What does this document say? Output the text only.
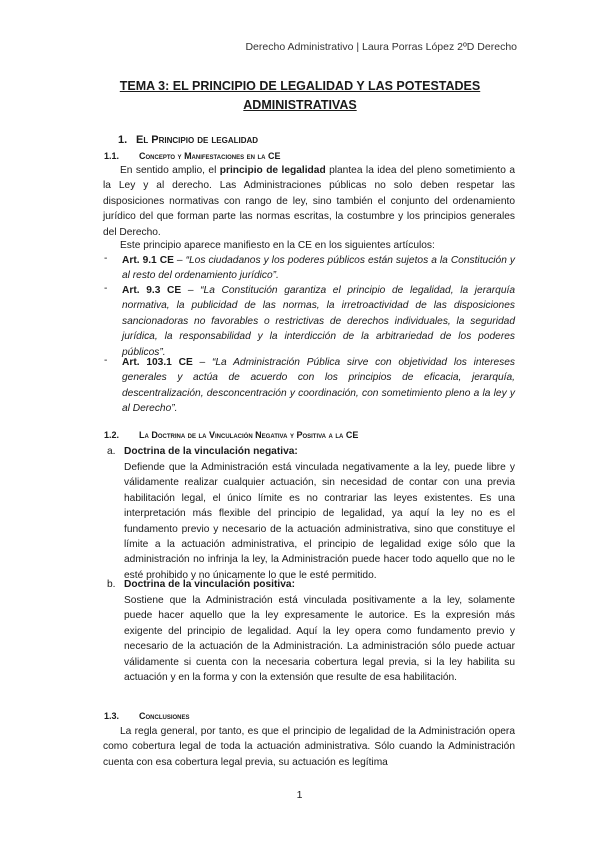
Derecho Administrativo | Laura Porras López 2ºD Derecho
TEMA 3: EL PRINCIPIO DE LEGALIDAD Y LAS POTESTADES ADMINISTRATIVAS
1. El Principio de legalidad
1.1. Concepto y Manifestaciones en la CE

En sentido amplio, el principio de legalidad plantea la idea del pleno sometimiento a la Ley y al derecho. Las Administraciones públicas no solo deben respetar las disposiciones normativas con rango de ley, sino también el conjunto del ordenamiento jurídico del que forman parte las normas escritas, la costumbre y los principios generales del Derecho.

Este principio aparece manifiesto en la CE en los siguientes artículos:

- Art. 9.1 CE – “Los ciudadanos y los poderes públicos están sujetos a la Constitución y al resto del ordenamiento jurídico”.

- Art. 9.3 CE – “La Constitución garantiza el principio de legalidad, la jerarquía normativa, la publicidad de las normas, la irretroactividad de las disposiciones sancionadoras no favorables o restrictivas de derechos individuales, la seguridad jurídica, la responsabilidad y la interdicción de la arbitrariedad de los poderes públicos”.

- Art. 103.1 CE – “La Administración Pública sirve con objetividad los intereses generales y actúa de acuerdo con los principios de eficacia, jerarquía, descentralización, desconcentración y coordinación, con sometimiento pleno a la ley y al Derecho”.

1.2. La Doctrina de la Vinculación Negativa y Positiva a la CE
a. Doctrina de la vinculación negativa:

Defiende que la Administración está vinculada negativamente a la ley, puede libre y válidamente realizar cualquier actuación, sin necesidad de contar con una previa habilitación legal, el único límite es no contrariar las leyes existentes. Es una interpretación más flexible del principio de legalidad, ya aquí la ley no es el fundamento previo y necesario de la actuación administrativa, sino que constituye el límite a la actuación administrativa, el principio de legalidad exige sólo que la administración no infrinja la ley, la Administración puede hacer todo aquello que no le esté prohibido y no únicamente lo que le esté permitido.

b. Doctrina de la vinculación positiva:

Sostiene que la Administración está vinculada positivamente a la ley, solamente puede hacer aquello que la ley expresamente le autorice. Es la expresión más exigente del principio de legalidad. Aquí la ley opera como fundamento previo y necesario de la actuación de la Administración. La administración sólo puede actuar válidamente si cuenta con la necesaria cobertura legal previa, si la ley habilita su actuación y en la forma y con la extensión que resulte de esa habilitación.

1.3. Conclusiones

La regla general, por tanto, es que el principio de legalidad de la Administración opera como cobertura legal de toda la actuación administrativa. Sólo cuando la Administración cuenta con esa cobertura legal previa, su actuación es legítima

1
